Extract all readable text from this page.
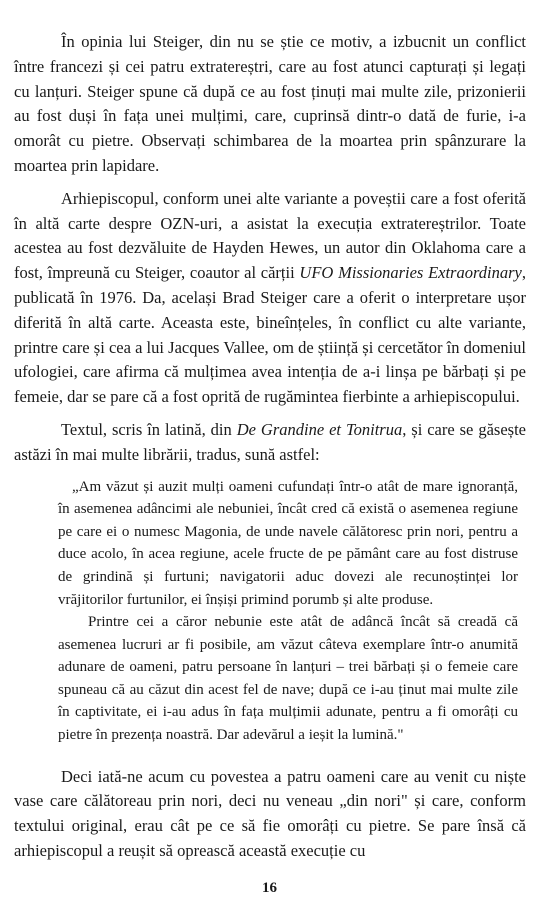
În opinia lui Steiger, din nu se știe ce motiv, a izbucnit un conflict între francezi și cei patru extratereștri, care au fost atunci capturați și legați cu lanțuri. Steiger spune că după ce au fost ținuți mai multe zile, prizonierii au fost duși în fața unei mulțimi, care, cuprinsă dintr-o dată de furie, i-a omorât cu pietre. Observați schimbarea de la moartea prin spânzurare la moartea prin lapidare.

Arhiepiscopul, conform unei alte variante a poveștii care a fost oferită în altă carte despre OZN-uri, a asistat la execuția extratereștrilor. Toate acestea au fost dezvăluite de Hayden Hewes, un autor din Oklahoma care a fost, împreună cu Steiger, coautor al cărții UFO Missionaries Extraordinary, publicată în 1976. Da, același Brad Steiger care a oferit o interpretare ușor diferită în altă carte. Aceasta este, bineînțeles, în conflict cu alte variante, printre care și cea a lui Jacques Vallee, om de știință și cercetător în domeniul ufologiei, care afirma că mulțimea avea intenția de a-i linșa pe bărbați și pe femeie, dar se pare că a fost oprită de rugămintea fierbinte a arhiepiscopului.

Textul, scris în latină, din De Grandine et Tonitrua, și care se găsește astăzi în mai multe librării, tradus, sună astfel:

„Am văzut și auzit mulți oameni cufundați într-o atât de mare ignoranță, în asemenea adâncimi ale nebuniei, încât cred că există o asemenea regiune pe care ei o numesc Magonia, de unde navele călătoresc prin nori, pentru a duce acolo, în acea regiune, acele fructe de pe pământ care au fost distruse de grindină și furtuni; navigatorii aduc dovezi ale recunoștinței lor vrăjitorilor furtunilor, ei înșiși primind porumb și alte produse.

Printre cei a căror nebunie este atât de adâncă încât să creadă că asemenea lucruri ar fi posibile, am văzut câteva exemplare într-o anumită adunare de oameni, patru persoane în lanțuri – trei bărbați și o femeie care spuneau că au căzut din acest fel de nave; după ce i-au ținut mai multe zile în captivitate, ei i-au adus în fața mulțimii adunate, pentru a fi omorâți cu pietre în prezența noastră. Dar adevărul a ieșit la lumină."

Deci iată-ne acum cu povestea a patru oameni care au venit cu niște vase care călătoreau prin nori, deci nu veneau „din nori" și care, conform textului original, erau cât pe ce să fie omorâți cu pietre. Se pare însă că arhiepiscopul a reușit să oprească această execuție cu

16
